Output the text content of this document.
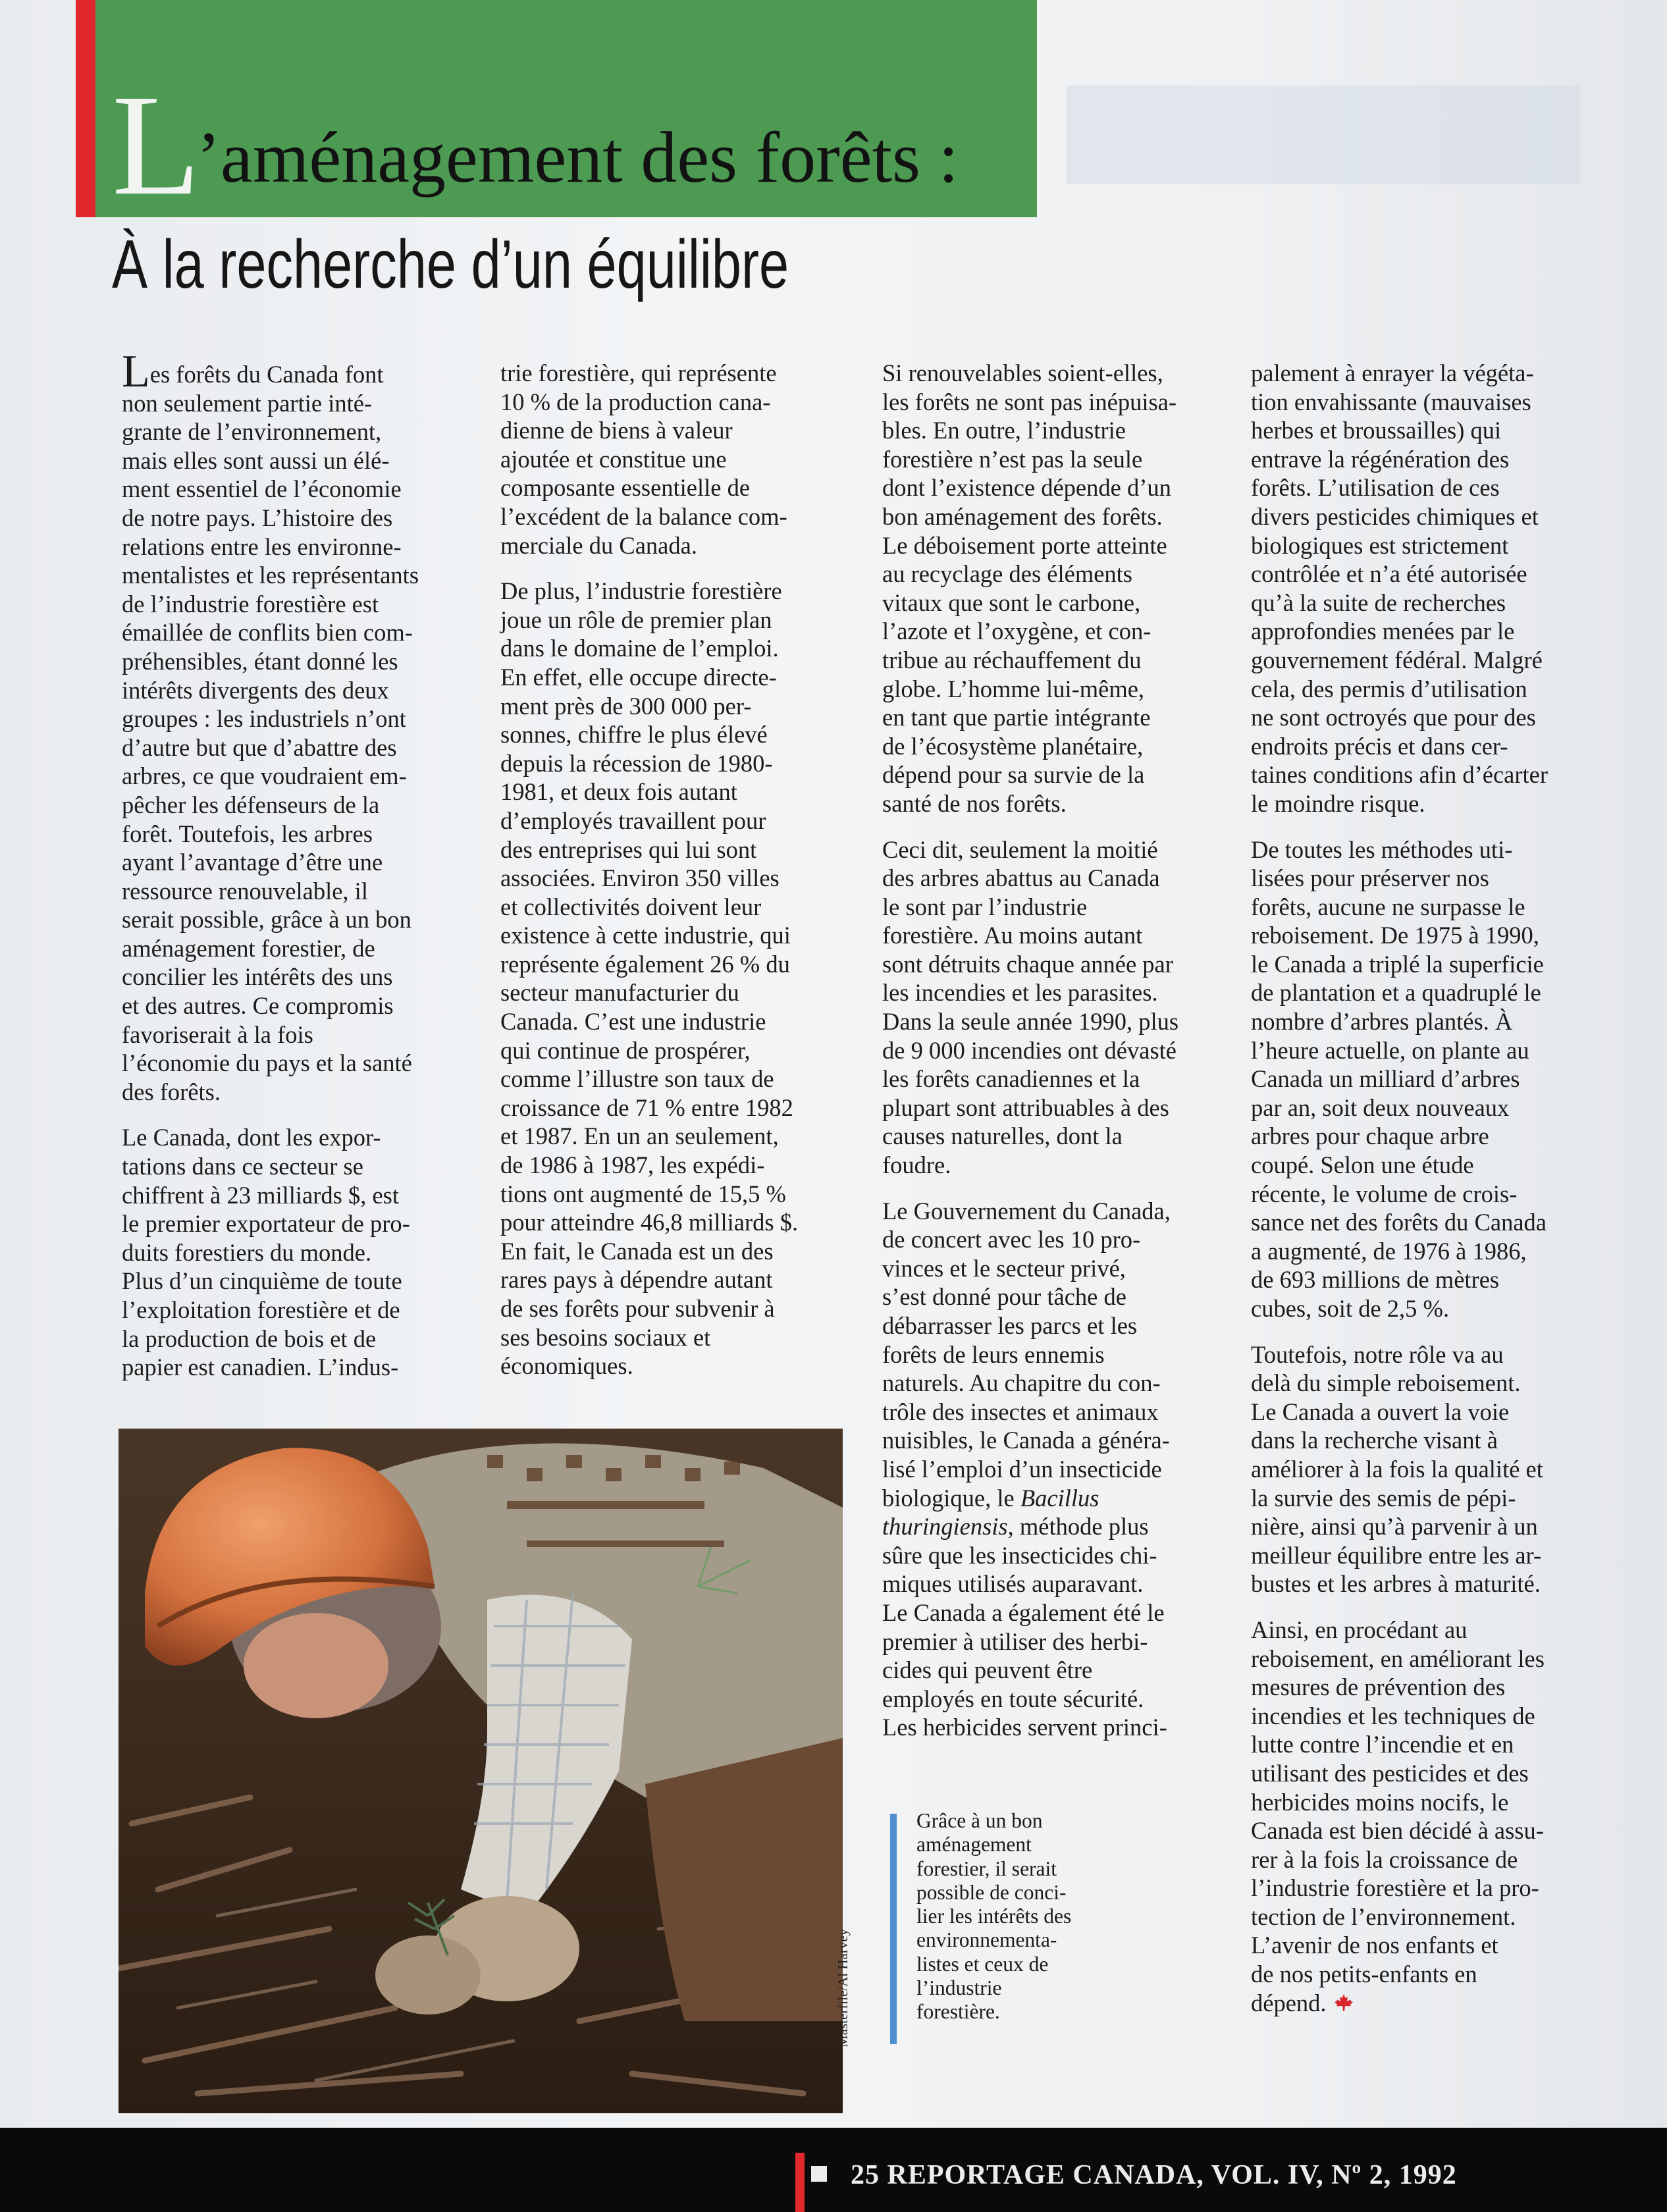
L’aménagement des forêts :
À la recherche d’un équilibre

Les forêts du Canada font
non seulement partie inté-
grante de l’environnement,
mais elles sont aussi un élé-
ment essentiel de l’économie
de notre pays. L’histoire des
relations entre les environne-
mentalistes et les représentants
de l’industrie forestière est
émaillée de conflits bien com-
préhensibles, étant donné les
intérêts divergents des deux
groupes : les industriels n’ont
d’autre but que d’abattre des
arbres, ce que voudraient em-
pêcher les défenseurs de la
forêt. Toutefois, les arbres
ayant l’avantage d’être une
ressource renouvelable, il
serait possible, grâce à un bon
aménagement forestier, de
concilier les intérêts des uns
et des autres. Ce compromis
favoriserait à la fois
l’économie du pays et la santé
des forêts.

Le Canada, dont les expor-
tations dans ce secteur se
chiffrent à 23 milliards $, est
le premier exportateur de pro-
duits forestiers du monde.
Plus d’un cinquième de toute
l’exploitation forestière et de
la production de bois et de
papier est canadien. L’indus-

trie forestière, qui représente
10 % de la production cana-
dienne de biens à valeur
ajoutée et constitue une
composante essentielle de
l’excédent de la balance com-
merciale du Canada.

De plus, l’industrie forestière
joue un rôle de premier plan
dans le domaine de l’emploi.
En effet, elle occupe directe-
ment près de 300 000 per-
sonnes, chiffre le plus élevé
depuis la récession de 1980-
1981, et deux fois autant
d’employés travaillent pour
des entreprises qui lui sont
associées. Environ 350 villes
et collectivités doivent leur
existence à cette industrie, qui
représente également 26 % du
secteur manufacturier du
Canada. C’est une industrie
qui continue de prospérer,
comme l’illustre son taux de
croissance de 71 % entre 1982
et 1987. En un an seulement,
de 1986 à 1987, les expédi-
tions ont augmenté de 15,5 %
pour atteindre 46,8 milliards $.
En fait, le Canada est un des
rares pays à dépendre autant
de ses forêts pour subvenir à
ses besoins sociaux et
économiques.

Si renouvelables soient-elles,
les forêts ne sont pas inépuisa-
bles. En outre, l’industrie
forestière n’est pas la seule
dont l’existence dépende d’un
bon aménagement des forêts.
Le déboisement porte atteinte
au recyclage des éléments
vitaux que sont le carbone,
l’azote et l’oxygène, et con-
tribue au réchauffement du
globe. L’homme lui-même,
en tant que partie intégrante
de l’écosystème planétaire,
dépend pour sa survie de la
santé de nos forêts.

Ceci dit, seulement la moitié
des arbres abattus au Canada
le sont par l’industrie
forestière. Au moins autant
sont détruits chaque année par
les incendies et les parasites.
Dans la seule année 1990, plus
de 9 000 incendies ont dévasté
les forêts canadiennes et la
plupart sont attribuables à des
causes naturelles, dont la
foudre.

Le Gouvernement du Canada,
de concert avec les 10 pro-
vinces et le secteur privé,
s’est donné pour tâche de
débarrasser les parcs et les
forêts de leurs ennemis
naturels. Au chapitre du con-
trôle des insectes et animaux
nuisibles, le Canada a généra-
lisé l’emploi d’un insecticide
biologique, le Bacillus
thuringiensis, méthode plus
sûre que les insecticides chi-
miques utilisés auparavant.
Le Canada a également été le
premier à utiliser des herbi-
cides qui peuvent être
employés en toute sécurité.
Les herbicides servent princi-

palement à enrayer la végéta-
tion envahissante (mauvaises
herbes et broussailles) qui
entrave la régénération des
forêts. L’utilisation de ces
divers pesticides chimiques et
biologiques est strictement
contrôlée et n’a été autorisée
qu’à la suite de recherches
approfondies menées par le
gouvernement fédéral. Malgré
cela, des permis d’utilisation
ne sont octroyés que pour des
endroits précis et dans cer-
taines conditions afin d’écarter
le moindre risque.

De toutes les méthodes uti-
lisées pour préserver nos
forêts, aucune ne surpasse le
reboisement. De 1975 à 1990,
le Canada a triplé la superficie
de plantation et a quadruplé le
nombre d’arbres plantés. À
l’heure actuelle, on plante au
Canada un milliard d’arbres
par an, soit deux nouveaux
arbres pour chaque arbre
coupé. Selon une étude
récente, le volume de crois-
sance net des forêts du Canada
a augmenté, de 1976 à 1986,
de 693 millions de mètres
cubes, soit de 2,5 %.

Toutefois, notre rôle va au
delà du simple reboisement.
Le Canada a ouvert la voie
dans la recherche visant à
améliorer à la fois la qualité et
la survie des semis de pépi-
nière, ainsi qu’à parvenir à un
meilleur équilibre entre les ar-
bustes et les arbres à maturité.

Ainsi, en procédant au
reboisement, en améliorant les
mesures de prévention des
incendies et les techniques de
lutte contre l’incendie et en
utilisant des pesticides et des
herbicides moins nocifs, le
Canada est bien décidé à assu-
rer à la fois la croissance de
l’industrie forestière et la pro-
tection de l’environnement.
L’avenir de nos enfants et
de nos petits-enfants en
dépend.

Masterfile/Al Harvey

Grâce à un bon
aménagement
forestier, il serait
possible de conci-
lier les intérêts des
environnementa-
listes et ceux de
l’industrie
forestière.

25 REPORTAGE CANADA, VOL. IV, Nº 2, 1992
